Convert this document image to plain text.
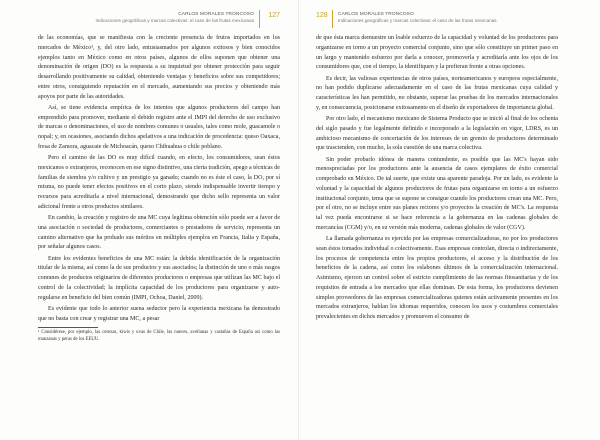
CARLOS MORALES TRONCOSO
Indicaciones geográficas y marcas colectivas: el caso de las frutas mexicanas
127

de las economías, que se manifiesta con la creciente presencia de frutos importados en los mercados de México¹, y, del otro lado, entusiasmados por algunos exitosos y bien conocidos ejemplos tanto en México como en otros países, algunos de ellos suponen que obtener una denominación de origen (DO) es la respuesta a su inquietud por obtener protección para seguir desarrollando positivamente su calidad, obteniendo ventajas y beneficios sobre sus competidores; entre otros, consiguiendo reputación en el mercado, aumentando sus precios y obteniendo más apoyos por parte de las autoridades.

Así, se tiene evidencia empírica de los intentos que algunos productores del campo han emprendido para promover, mediante el debido registro ante el IMPI del derecho de uso exclusivo de marcas o denominaciones, el uso de nombres comunes o usuales, tales como mole, guacamole o nopal; y, en ocasiones, asociando dichos apelativos a una indicación de procedencia: queso Oaxaca, fresa de Zamora, aguacate de Michoacán, queso Chihuahua o chile poblano.

Pero el camino de las DO es muy difícil cuando, en efecto, los consumidores, sean éstos mexicanos o extranjeros, reconocen en ese signo distintivo, una cierta tradición, apego a técnicas de familias de siembra y/o cultivo y un prestigio ya ganado; cuando no es éste el caso, la DO, por sí misma, no puede tener efectos positivos en el corto plazo, siendo indispensable invertir tiempo y recursos para acreditarla a nivel internacional, demostrando que dicho sello representa un valor adicional frente a otros productos similares.

En cambio, la creación y registro de una MC cuya legítima obtención sólo puede ser a favor de una asociación o sociedad de productores, comerciantes o prestadores de servicio, representa un camino alternativo que ha probado sus méritos en múltiples ejemplos en Francia, Italia y España, por señalar algunos casos.

Entre los evidentes beneficios de una MC están: la debida identificación de la organización titular de la misma, así como la de sus productos y sus asociados; la distinción de uno o más rasgos comunes de productos originarios de diferentes productores o empresas que utilizan las MC bajo el control de la colectividad; la implícita capacidad de los productores para organizarse y auto-regularse en beneficio del bien común (IMPI, Ochoa, Daniel, 2009).

Es evidente que todo lo anterior suena seductor pero la experiencia mexicana ha demostrado que no basta con crear y registrar una MC, a pesar

¹ Considérese, por ejemplo, las cerezas, kiwis y uvas de Chile, las nueces, avellanas y castañas de España así como las manzanas y peras de los EEUU.
128 CARLOS MORALES TRONCOSO
Indicaciones geográficas y marcas colectivas: el caso de las frutas mexicanas

de que ésta marca demuestre un loable esfuerzo de la capacidad y voluntad de los productores para organizarse en torno a un proyecto comercial conjunto, sino que sólo constituye un primer paso en un largo y mantenido esfuerzo por darla a conocer, promoverla y acreditarla ante los ojos de los consumidores que, con el tiempo, la identifiquen y la prefieran frente a otras opciones.

Es decir, las valiosas experiencias de otros países, norteamericanos y europeos especialmente, no han podido duplicarse adecuadamente en el caso de las frutas mexicanas cuya calidad y características les han permitido, no obstante, superar las pruebas de los mercados internacionales y, en consecuencia, posicionarse exitosamente en el diseño de exportadores de importancia global.

Por otro lado, el mecanismo mexicano de Sistema Producto que se inició al final de los ochenta del siglo pasado y fue legalmente definido e incorporado a la legislación en vigor, LDRS, es un ambicioso mecanismo de concertación de los intereses de un gremio de productores determinado que trascienden, con mucho, la sola cuestión de una marca colectiva.

Sin poder probarlo idónea de manera contundente, es posible que las MC's hayan sido menospreciadas por los productores ante la ausencia de casos ejemplares de éxito comercial comprobado en México. De tal suerte, que existe una aparente paradoja. Por un lado, es evidente la voluntad y la capacidad de algunos productores de frutas para organizarse en torno a un esfuerzo institucional conjunto, tema que se supone se consigue cuando los productores crean una MC. Pero, por el otro, no se incluye entre sus planes rectores y/o proyectos la creación de MC's. La respuesta tal vez pueda encontrarse si se hace referencia a la gobernanza en las cadenas globales de mercancías (CGM) y/o, en su versión más moderna, cadenas globales de valor (CGV).

La llamada gobernanza es ejercida por las empresas comercializadoras, no por los productores sean éstos tomados individual o colectivamente. Esas empresas controlan, directa o indirectamente, los procesos de competencia entre los propios productores, el acceso y la distribución de los beneficios de la cadena, así como los eslabones últimos de la comercialización internacional. Asimismo, ejercen un control sobre el estricto cumplimiento de las normas fitosanitarias y de los requisitos de entrada a los mercados que ellas dominan. De esta forma, los productores devienen simples proveedores de las empresas comercializadoras quienes están activamente presentes en los mercados extranjeros, hablan los idiomas requeridos, conocen los usos y costumbres comerciales prevalecientes en dichos mercados y promueven el consumo de
